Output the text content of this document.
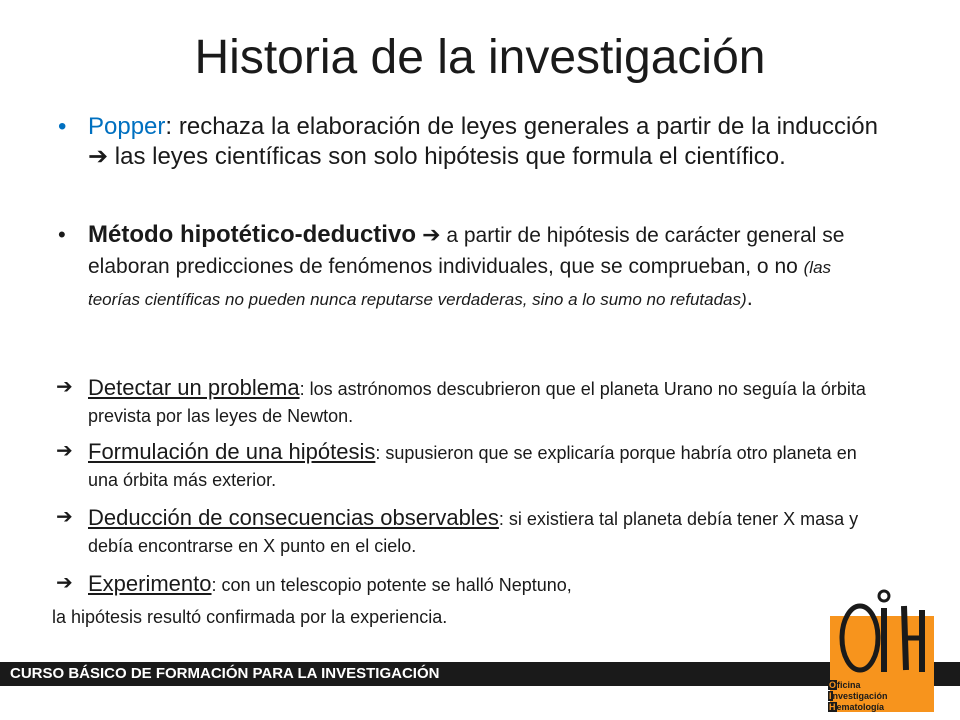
Historia de la investigación
• Popper: rechaza la elaboración de leyes generales a partir de la inducción ➔ las leyes científicas son solo hipótesis que formula el científico.
• Método hipotético-deductivo ➔ a partir de hipótesis de carácter general se elaboran predicciones de fenómenos individuales, que se comprueban, o no (las teorías científicas no pueden nunca reputarse verdaderas, sino a lo sumo no refutadas).
➔ Detectar un problema: los astrónomos descubrieron que el planeta Urano no seguía la órbita prevista por las leyes de Newton.
➔ Formulación de una hipótesis: supusieron que se explicaría porque habría otro planeta en una órbita más exterior.
➔ Deducción de consecuencias observables: si existiera tal planeta debía tener X masa y debía encontrarse en X punto en el cielo.
➔ Experimento: con un telescopio potente se halló Neptuno,
la hipótesis resultó confirmada por la experiencia.
CURSO BÁSICO DE FORMACIÓN PARA LA INVESTIGACIÓN
Oficina
Investigación
Hematología
